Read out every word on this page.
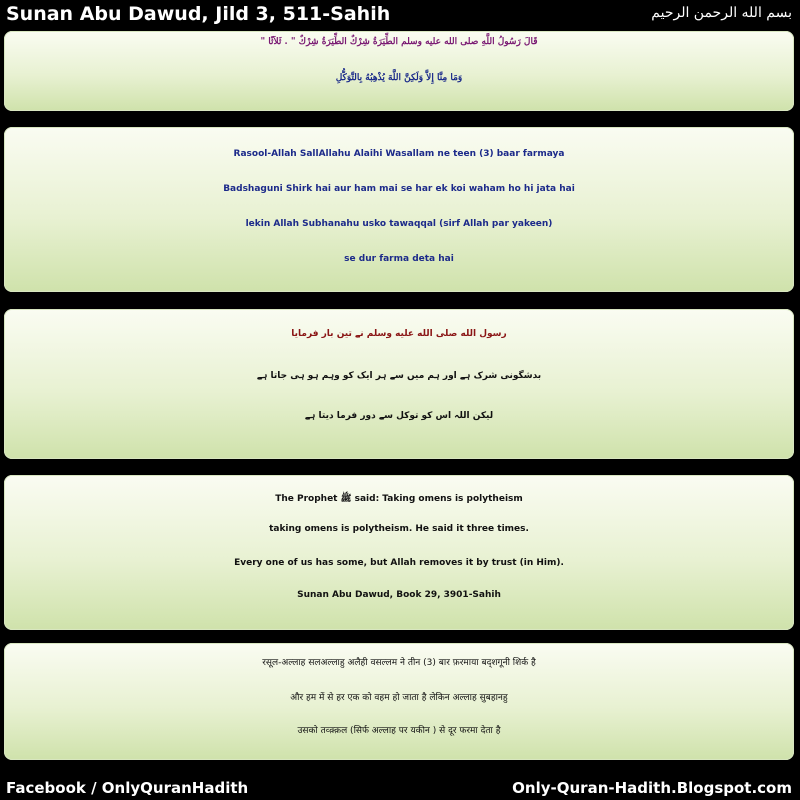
Sunan Abu Dawud, Jild 3, 511-Sahih	بسم الله الرحمن الرحيم
قَالَ رَسُولُ اللَّهِ صلى الله عليه وسلم الطِّيَرَةُ شِرْكٌ الطِّيَرَةُ شِرْكٌ " . ثَلاَثًا "
وَمَا مِنَّا إِلاَّ وَلَكِنَّ اللَّهَ يُذْهِبُهُ بِالتَّوَكُّلِ
Rasool-Allah SallAllahu Alaihi Wasallam ne teen (3) baar farmaya
Badshaguni Shirk hai aur ham mai se har ek koi waham ho hi jata hai
lekin Allah Subhanahu usko tawaqqal (sirf Allah par yakeen)
se dur farma deta hai
رسول الله صلی الله علیه وسلم نے تین بار فرمایا
بدشگونی شرک ہے اور ہم میں سے ہر ایک کو وہم ہو ہی جاتا ہے
لیکن اللہ اس کو توکل سے دور فرما دیتا ہے
The Prophet ﷺ said: Taking omens is polytheism
taking omens is polytheism. He said it three times.
Every one of us has some, but Allah removes it by trust (in Him).
Sunan Abu Dawud, Book 29, 3901-Sahih
रसूल-अल्लाह सलअल्लाहु अलैही वसल्लम ने तीन (3) बार फ़रमाया बद्शगूनी शिर्क है
और हम में से हर एक को वहम हो जाता है लेकिन अल्लाह सुबहानहु
उसको तव्क़्क़ल (सिर्फ अल्लाह पर यकीन ) से दूर फरमा देता है
Facebook / OnlyQuranHadith	Only-Quran-Hadith.Blogspot.com
